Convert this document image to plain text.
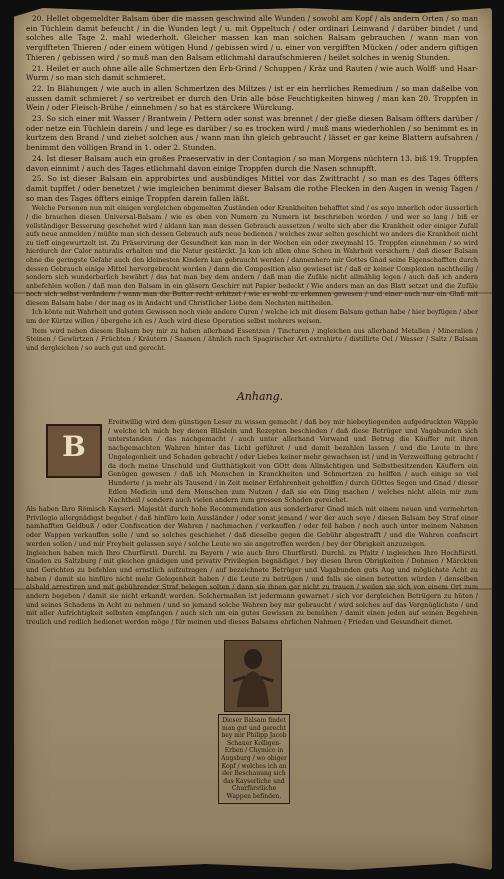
20. Hellet obgemeldter Balsam über die massen geschwind alle Wunden / sowohl am Kopf / als andern Orten / so man ein Tüchlein damit befeucht / in die Wunden legt / u. mit Oppeltuch / oder ordinari Leinwand / darüber bindet / und solches alle Tage 2. mahl wiederholt. Gleicher massen kan man solchen Balsam gebrauchen / wann man von vergiffteten Thieren / oder einem wütigen Hund / gebissen wird / u. einer von vergifften Mücken / oder andern giftigen Thieren / gebissen wird / so muß man den Balsam etlichmahl daraufschmieren / heilet solches in wenig Stunden.

21. Heilet er auch ohne alle alle Schmertzen den Erb-Grind / Schuppen / Kräz und Rauten / wie auch Wolff- und Haar-Wurm / so man sich damit schmieret.

22. In Blähungen / wie auch in allen Schmertzen des Miltzes / ist er ein herrliches Remedium / so man daßelbe von aussen damit schmieret / so vertreibet er durch den Urin alle böse Feuchtigkeiten hinweg / man kan 20. Troppfen in Wein / oder Fleisch-Brühe / einnehmen / so hat es stärckere Würckung.

23. So sich einer mit Wasser / Brantwein / Pettern oder sonst was brennet / der gieße diesen Balsam öffters darüber / oder netze ein Tüchlein darein / und lege es darüber / so es trocken wird / muß mans wiederhohlen / so benimmt es in kurtzem den Brand / und ziehet solchen aus / wann man ihn gleich gebraucht / lässet er gar keine Blattern aufsahren / benimmt den völligen Brand in 1. oder 2. Stunden.

24. Ist dieser Balsam auch ein großes Praeservativ in der Contagion / so man Morgens nüchtern 13. biß 19. Troppfen davon einnimt / auch des Tages etlichmahl davon einige Troppfen durch die Nasen schnupfft.

25. So ist dieser Balsam ein approbirtes und ausbündiges Mittel vor das Zwittracht / so man es des Tages öffters damit tupffet / oder benetzet / wie imgleichen benimmt dieser Balsam die rothe Flecken in den Augen in wenig Tagen / so man des Tages öffters einige Troppfen darein fallen läßt.

Welche Personen nun mit einigen vergleichen obgemelten Zuständen oder Krankheiten behafftet sind / es seye innerlich oder äusserlich / die brauchen diesen Universal-Balsam / wie es oben von Numern zu Numern ist beschrieben worden / und wer so lang / biß er vollständiger Besserung geschehet wird / aldann kan man dessen Gebrauch aussetzen / wolte sich aber die Krankheit oder einiger Zufall aufs neue anmelden / müßte man sich dessen Gebrauch aufs neue bedienen / welches zwar selten geschicht wo anders die Krankheit nicht zu tieff eingewurtzelt ist. Zu Präservirung der Gesundheit kan man in der Wochen ein oder zweymahl 15. Troppfen einnehmen / so wird hierdurch der Calor naturalis erhalten und die Natur gestärckt. Ja kan ich allen ohne Scheu in Wahrheit versichern / daß dieser Balsam ohne die geringste Gefahr auch den kleinesten Kindern kan gebraucht werden / dannenhero mir Gottes Gnad seine Eigenschafften durch dessen Gebrauch einige Mittel hervorgebracht worden / dann die Composition also gewieset ist / daß er keiner Complexion nachtheilig / sondern sich wunderbarlich bewährt / das hat man bey dem andern / daß man die Zufäle nicht allmählig legen / auch daß ich andern anbefehlen wollen / daß man den Balsam in ein gläsern Geschirr mit Papier bedeckt / Wie anders man an das Blatt setzet und die Zufäle noch sich selbst verändern / wann man die Butter recht erhitzet / wie es wohl zu erkennen gewesen / und einer auch nur ein Glaß mit diesem Balsam habe / der mag es in Andacht und Christlicher Liebe dem Nechsten mittheilen.

Ich könte mit Wahrheit und gutem Gewissen noch viele andere Curen / welche ich mit diesem Balsam gethan habe / hier beyfügen / aber um der Kürtze willen / übergehe ich es / Auch wird diese Operation selbst mehrers weisen.

Item wird neben diesem Balsam bey mir zu haben allerhand Essentzen / Tincturen / ingleichen aus allerhand Metallen / Mineralien / Steinen / Gewürtzen / Früchten / Kräutern / Saamen / ähnlich nach Spagirischer Art extrahirte / distillirte Oel / Wasser / Saltz / Balsam und dergleichen / so auch gut und gerecht.

Anhang.
B

Ereitwillig wird dem günstigen Leser zu wissen gemacht / daß bey mir hiebeyliegenden aufgedruckten Wäpple / welche ich mich bey denen Bläslein und Rezepten beschieden / daß diese Betrüger und Vagabunden sich unterstanden / das nachgemacht / auch unter allerhand Vorwand und Betrug die Käuffer mit ihren nachgemachten Wahren hinter das Licht geführet / und damit bezahlen lassen / und die Leute in ihre Ungelegenheit und Schaden gebracht / oder Liebes keiner mehr gewachsen ist / und in Verzweiflung gebracht / da doch meine Unschuld und Gutthätigkeit von GOtt dem Allmächtigen und Selbstbesitzenden Käuffern ein Genügen gewesen / daß ich Menschen in Kranckheiten und Schmertzen zu helffen / auch einige so viel Hunderte / ja mehr als Tausend / in Zeit meiner Erfahrenheit geholffen / durch GOttes Segen und Gnad / dieser Edlen Medicin und dem Menschen zum Nutzen / daß sie ein Ding machen / welches nicht allein mir zum Nachtheil / sondern auch vielen andern zum grossen Schaden gereichet.

Als haben Ihro Römisch Kayserl. Majestät durch hohe Recommendation aus sonderbarer Gnad mich mit einem neuen und vermehrten Privilegio allergnädigst begabet / daß hinfüro kein Aussländer / oder sonst jemand / wer der auch seye / diesen Balsam bey Straf einer namhafften Geldbuß / oder Confiscation der Wahren / nachmachen / verkauffen / oder feil haben / noch auch unter meinem Nahmen oder Wappen verkauffen solle / und so solches geschiehet / daß dieselbe gegen die Gebühr abgestrafft / und die Wahren confiscirt werden sollen / und mir Freyheit gelassen seye / solche Leute wo sie angetroffen werden / bey der Obrigkeit anzuzeigen.

Ingleichen haben mich Ihro Churfürstl. Durchl. zu Bayern / wie auch Ihro Churfürstl. Durchl. zu Pfaltz / ingleichen Ihro Hochfürstl. Gnaden zu Saltzburg / mit gleichen gnädigen und privativ Privilegien begnädiget / bey diesen Ihren Obrigkeiten / Dohmen / Märckten und Gerichten zu befehlen und ernstlich aufzutragen / auf bezeichnete Betrüger und Vagabunden guts Aug und möglichste Acht zu haben / damit sie hinfüro nicht mehr Gelegenheit haben / die Leute zu betrügen / und falls sie einen betretten würden / denselben alsbald arrestiren und mit gebührender Straf belegen solten / dann sie ihnen gar nicht zu trauen / weilen sie sich von einem Ort zum andern begeben / damit sie nicht erkandt werden. Solchermaßen ist jedermann gewarnet / sich vor dergleichen Betrügern zu hüten / und seines Schadens in Acht zu nehmen / und so jemand solche Wahren bey mir gebraucht / wird solches auf das Vergnüglichste / und mit aller Aufrichtigkeit selbsten empfangen / auch sich um ein gutes Gewissen zu bemühen / damit einen jeden auf seinen Begehren treulich und redlich bedienet werden möge / für meinen und dieses Balsams ehrlichen Nahmen / Frieden und Gesundheit dienet.

Dieser Balsam findet man gut und gerecht bey mir Philipp Jacob Schauer Kolligen-Erben / Chymico in Augsburg / wo obiger Kopf / welches ich an der Beschauung sich das Kayserliche und Churfürstliche Wappen befinden.
